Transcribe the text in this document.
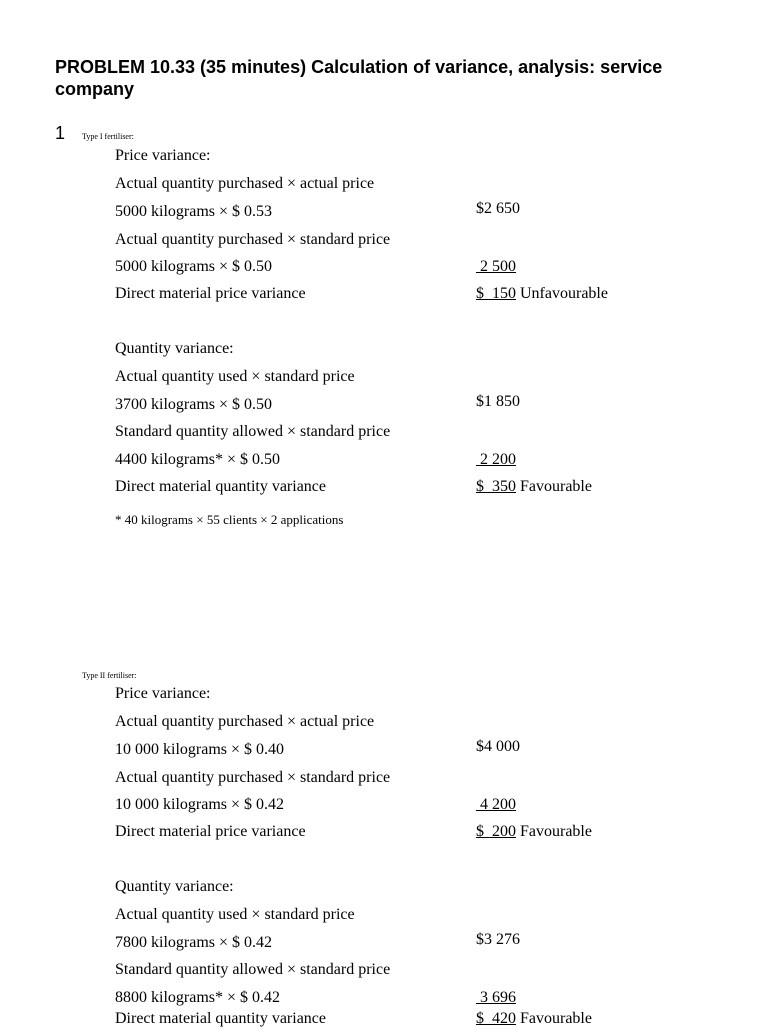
PROBLEM 10.33 (35 minutes) Calculation of variance, analysis: service company
1 Type I fertiliser:
Price variance:
Actual quantity purchased × actual price
5000 kilograms × $ 0.53	$2 650
Actual quantity purchased × standard price
5000 kilograms × $ 0.50	2 500
Direct material price variance	$  150 Unfavourable
Quantity variance:
Actual quantity used × standard price
3700 kilograms × $ 0.50	$1 850
Standard quantity allowed × standard price
4400 kilograms* × $ 0.50	2 200
Direct material quantity variance	$  350 Favourable
* 40 kilograms × 55 clients × 2 applications
Type II fertiliser:
Price variance:
Actual quantity purchased × actual price
10 000 kilograms × $ 0.40	$4 000
Actual quantity purchased × standard price
10 000 kilograms × $ 0.42	4 200
Direct material price variance	$  200 Favourable
Quantity variance:
Actual quantity used × standard price
7800 kilograms × $ 0.42	$3 276
Standard quantity allowed × standard price
8800 kilograms* × $ 0.42	3 696
Direct material quantity variance	$  420 Favourable
